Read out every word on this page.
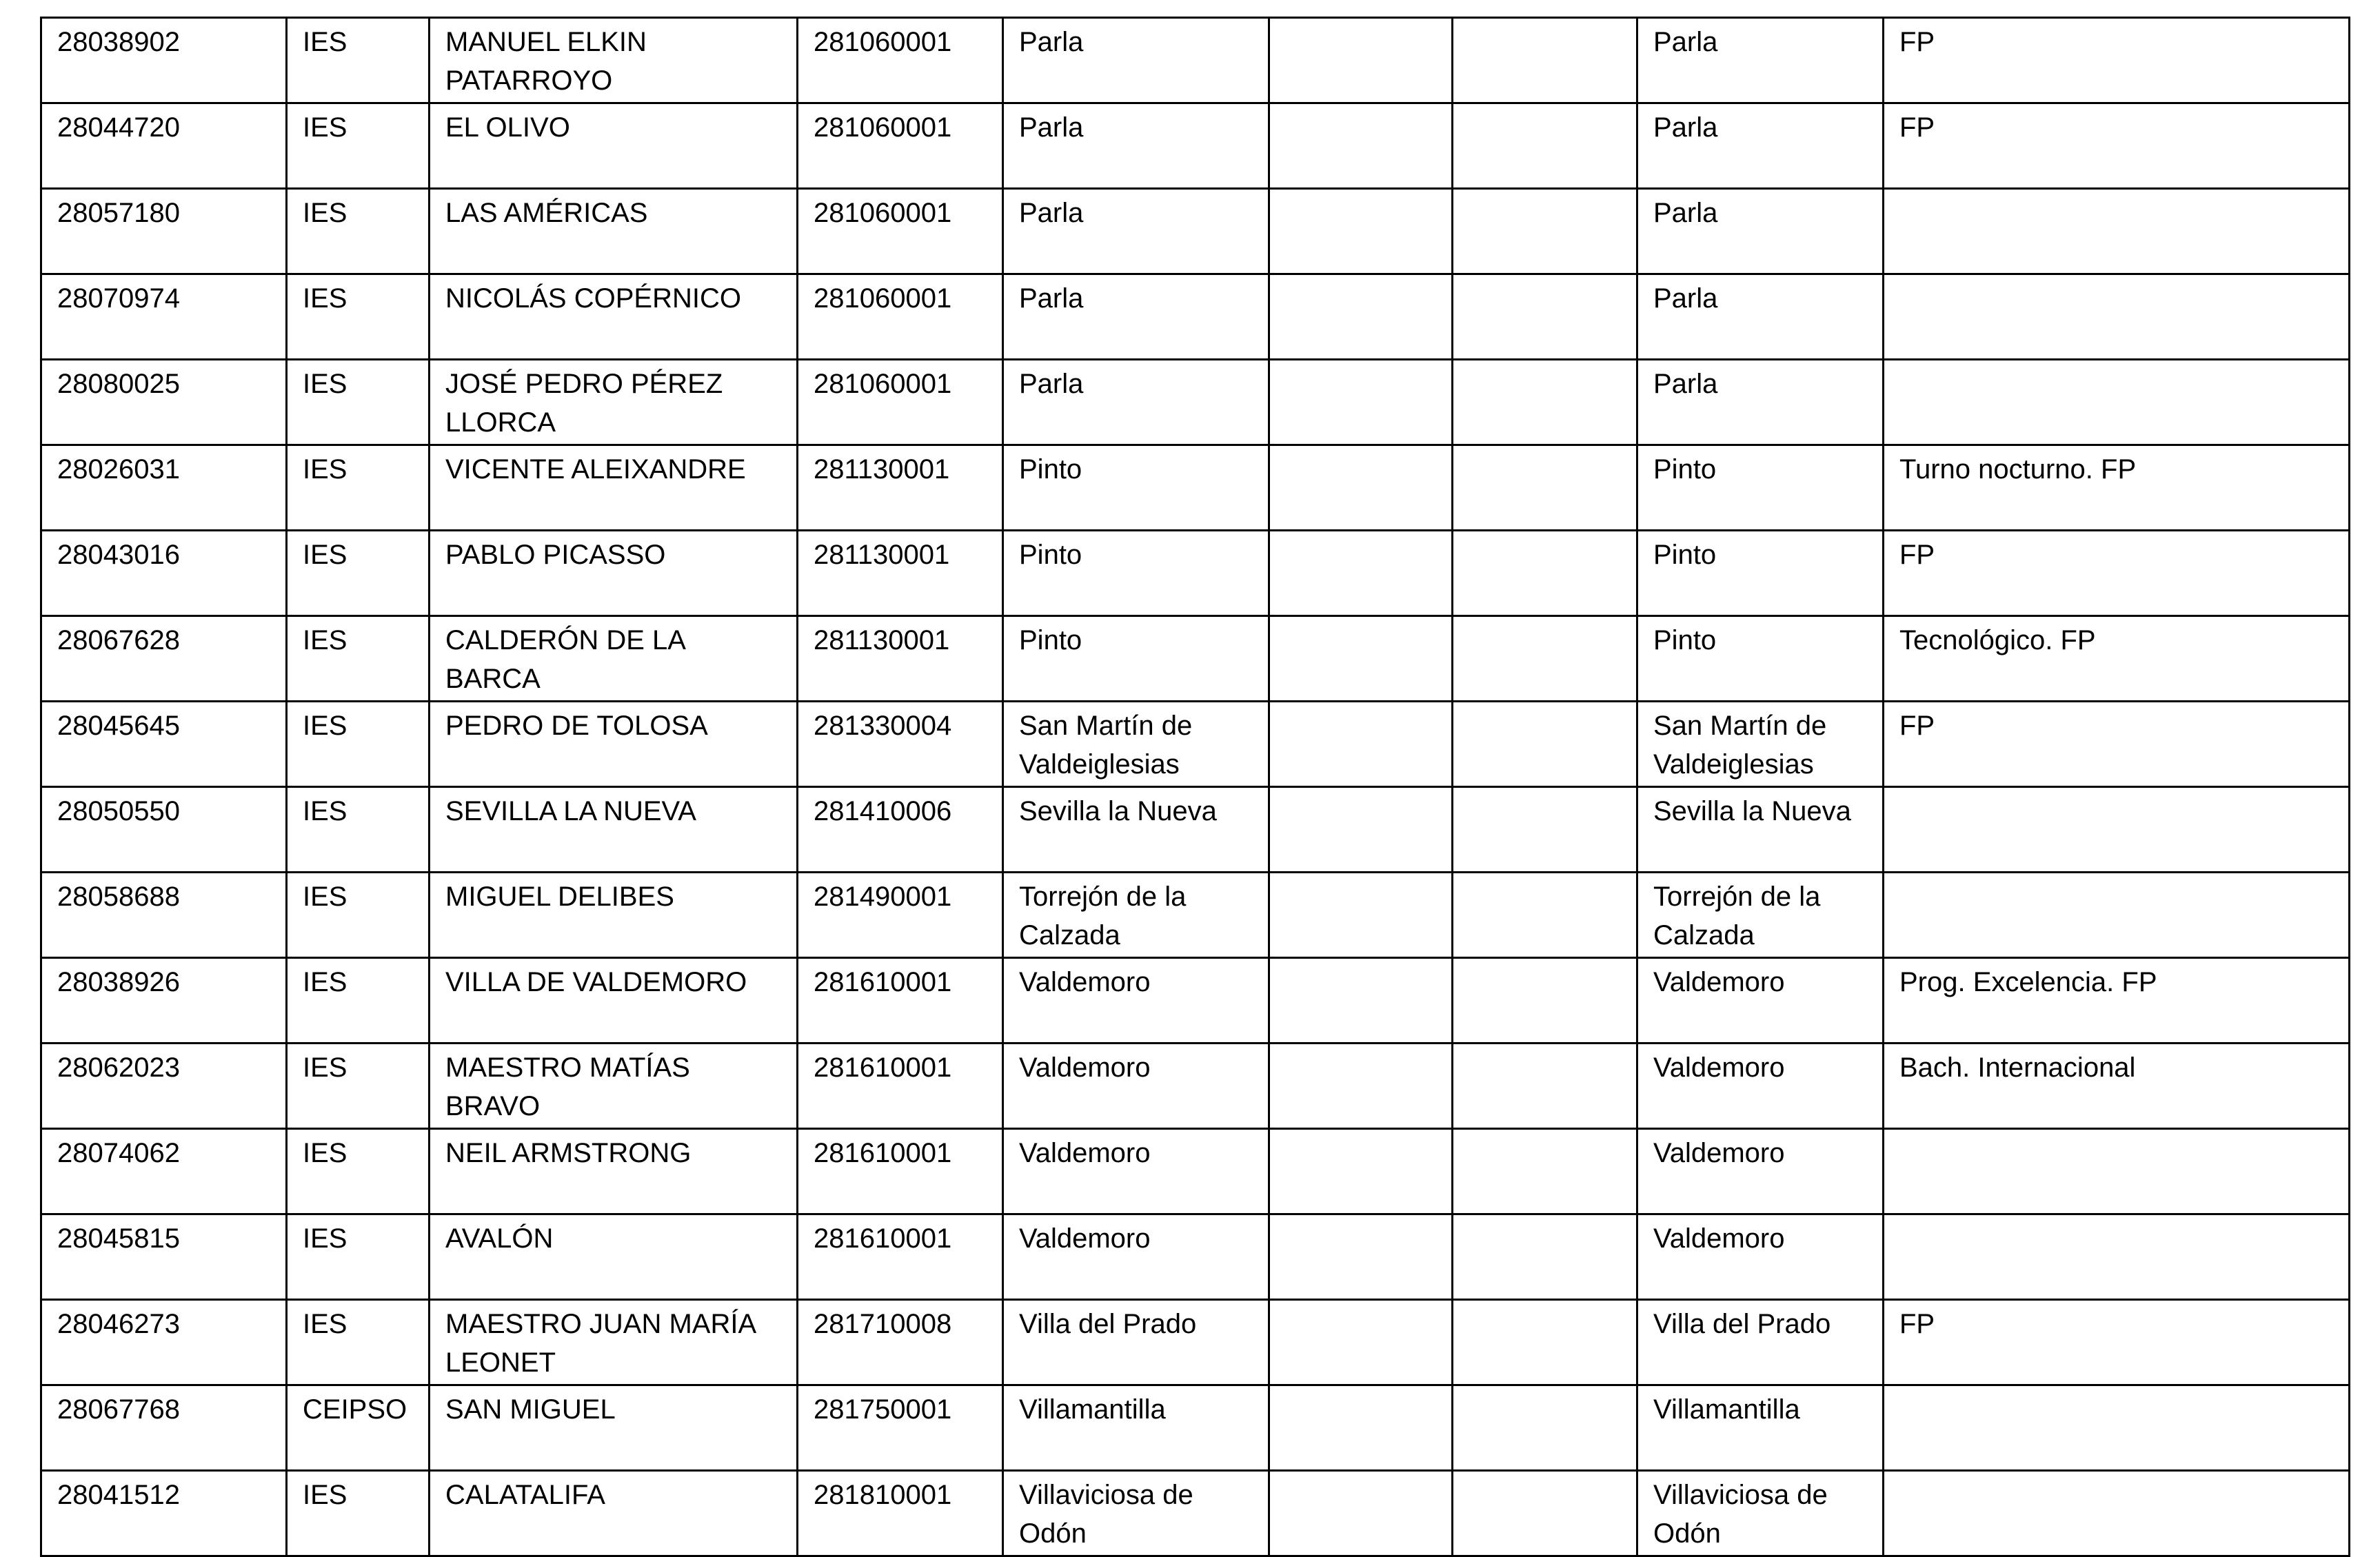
28038902	IES	MANUEL ELKIN PATARROYO	281060001	Parla			Parla	FP
28044720	IES	EL OLIVO	281060001	Parla			Parla	FP
28057180	IES	LAS AMÉRICAS	281060001	Parla			Parla	
28070974	IES	NICOLÁS COPÉRNICO	281060001	Parla			Parla	
28080025	IES	JOSÉ PEDRO PÉREZ LLORCA	281060001	Parla			Parla	
28026031	IES	VICENTE ALEIXANDRE	281130001	Pinto			Pinto	Turno nocturno. FP
28043016	IES	PABLO PICASSO	281130001	Pinto			Pinto	FP
28067628	IES	CALDERÓN DE LA BARCA	281130001	Pinto			Pinto	Tecnológico. FP
28045645	IES	PEDRO DE TOLOSA	281330004	San Martín de Valdeiglesias			San Martín de Valdeiglesias	FP
28050550	IES	SEVILLA LA NUEVA	281410006	Sevilla la Nueva			Sevilla la Nueva	
28058688	IES	MIGUEL DELIBES	281490001	Torrejón de la Calzada			Torrejón de la Calzada	
28038926	IES	VILLA DE VALDEMORO	281610001	Valdemoro			Valdemoro	Prog. Excelencia. FP
28062023	IES	MAESTRO MATÍAS BRAVO	281610001	Valdemoro			Valdemoro	Bach. Internacional
28074062	IES	NEIL ARMSTRONG	281610001	Valdemoro			Valdemoro	
28045815	IES	AVALÓN	281610001	Valdemoro			Valdemoro	
28046273	IES	MAESTRO JUAN MARÍA LEONET	281710008	Villa del Prado			Villa del Prado	FP
28067768	CEIPSO	SAN MIGUEL	281750001	Villamantilla			Villamantilla	
28041512	IES	CALATALIFA	281810001	Villaviciosa de Odón			Villaviciosa de Odón	
